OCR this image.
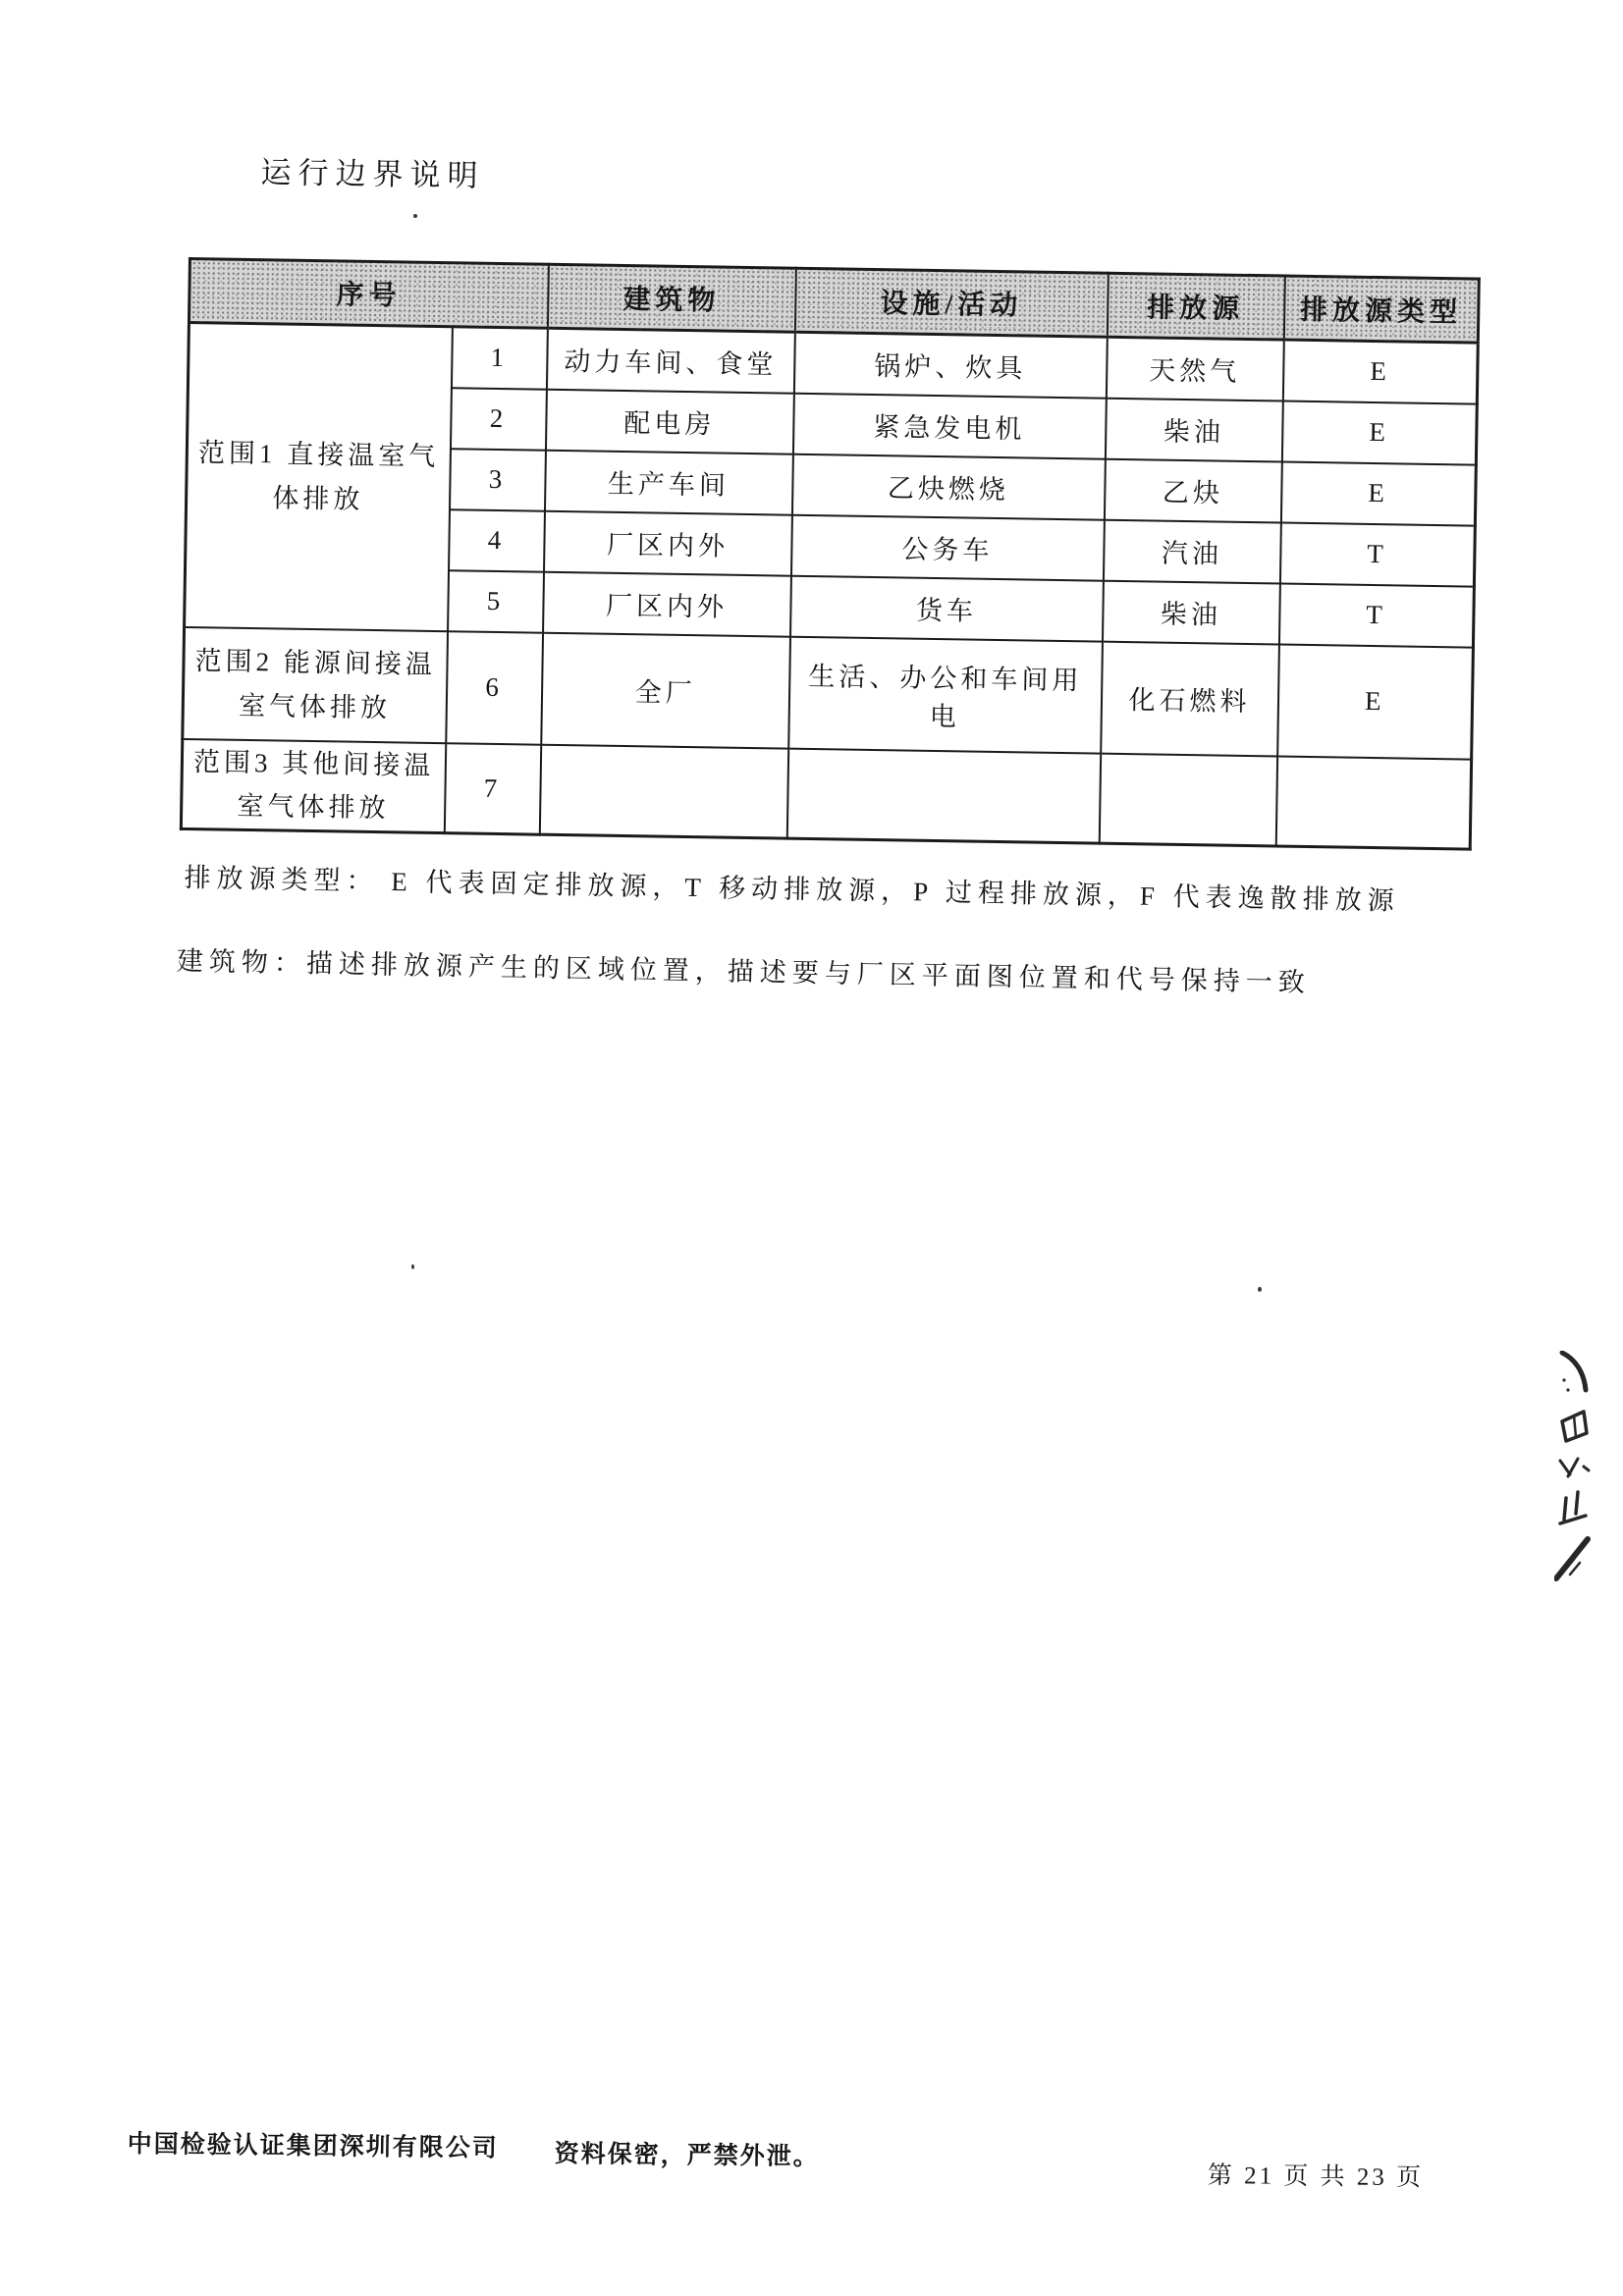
运行边界说明
序号		建筑物	设施/活动	排放源	排放源类型
范围1 直接温室气体排放	1	动力车间、食堂	锅炉、炊具	天然气	E
	2	配电房	紧急发电机	柴油	E
	3	生产车间	乙炔燃烧	乙炔	E
	4	厂区内外	公务车	汽油	T
	5	厂区内外	货车	柴油	T
范围2 能源间接温室气体排放	6	全厂	生活、办公和车间用电	化石燃料	E
范围3 其他间接温室气体排放	7				
排放源类型： E 代表固定排放源，T 移动排放源，P 过程排放源，F 代表逸散排放源
建筑物：描述排放源产生的区域位置，描述要与厂区平面图位置和代号保持一致
中国检验认证集团深圳有限公司 资料保密，严禁外泄。
第 21 页 共 23 页
